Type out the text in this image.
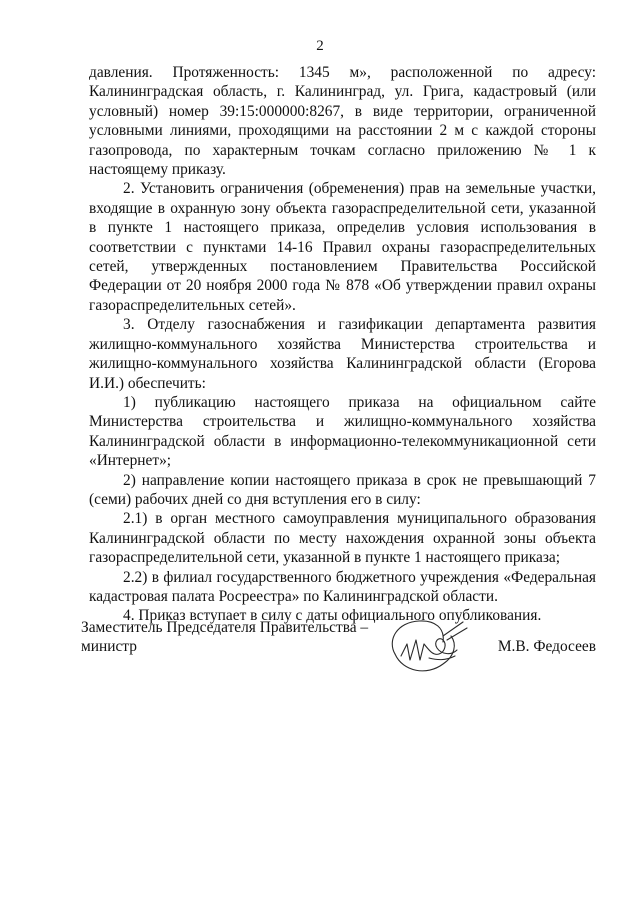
2

давления. Протяженность: 1345 м», расположенной по адресу: Калининградская область, г. Калининград, ул. Грига, кадастровый (или условный) номер 39:15:000000:8267, в виде территории, ограниченной условными линиями, проходящими на расстоянии 2 м с каждой стороны газопровода, по характерным точкам согласно приложению № 1 к настоящему приказу.

2. Установить ограничения (обременения) прав на земельные участки, входящие в охранную зону объекта газораспределительной сети, указанной в пункте 1 настоящего приказа, определив условия использования в соответствии с пунктами 14-16 Правил охраны газораспределительных сетей, утвержденных постановлением Правительства Российской Федерации от 20 ноября 2000 года № 878 «Об утверждении правил охраны газораспределительных сетей».

3. Отделу газоснабжения и газификации департамента развития жилищно-коммунального хозяйства Министерства строительства и жилищно-коммунального хозяйства Калининградской области (Егорова И.И.) обеспечить:

1) публикацию настоящего приказа на официальном сайте Министерства строительства и жилищно-коммунального хозяйства Калининградской области в информационно-телекоммуникационной сети «Интернет»;

2) направление копии настоящего приказа в срок не превышающий 7 (семи) рабочих дней со дня вступления его в силу:

2.1) в орган местного самоуправления муниципального образования Калининградской области по месту нахождения охранной зоны объекта газораспределительной сети, указанной в пункте 1 настоящего приказа;

2.2) в филиал государственного бюджетного учреждения «Федеральная кадастровая палата Росреестра» по Калининградской области.

4. Приказ вступает в силу с даты официального опубликования.

Заместитель Председателя Правительства – министр	М.В. Федосеев
